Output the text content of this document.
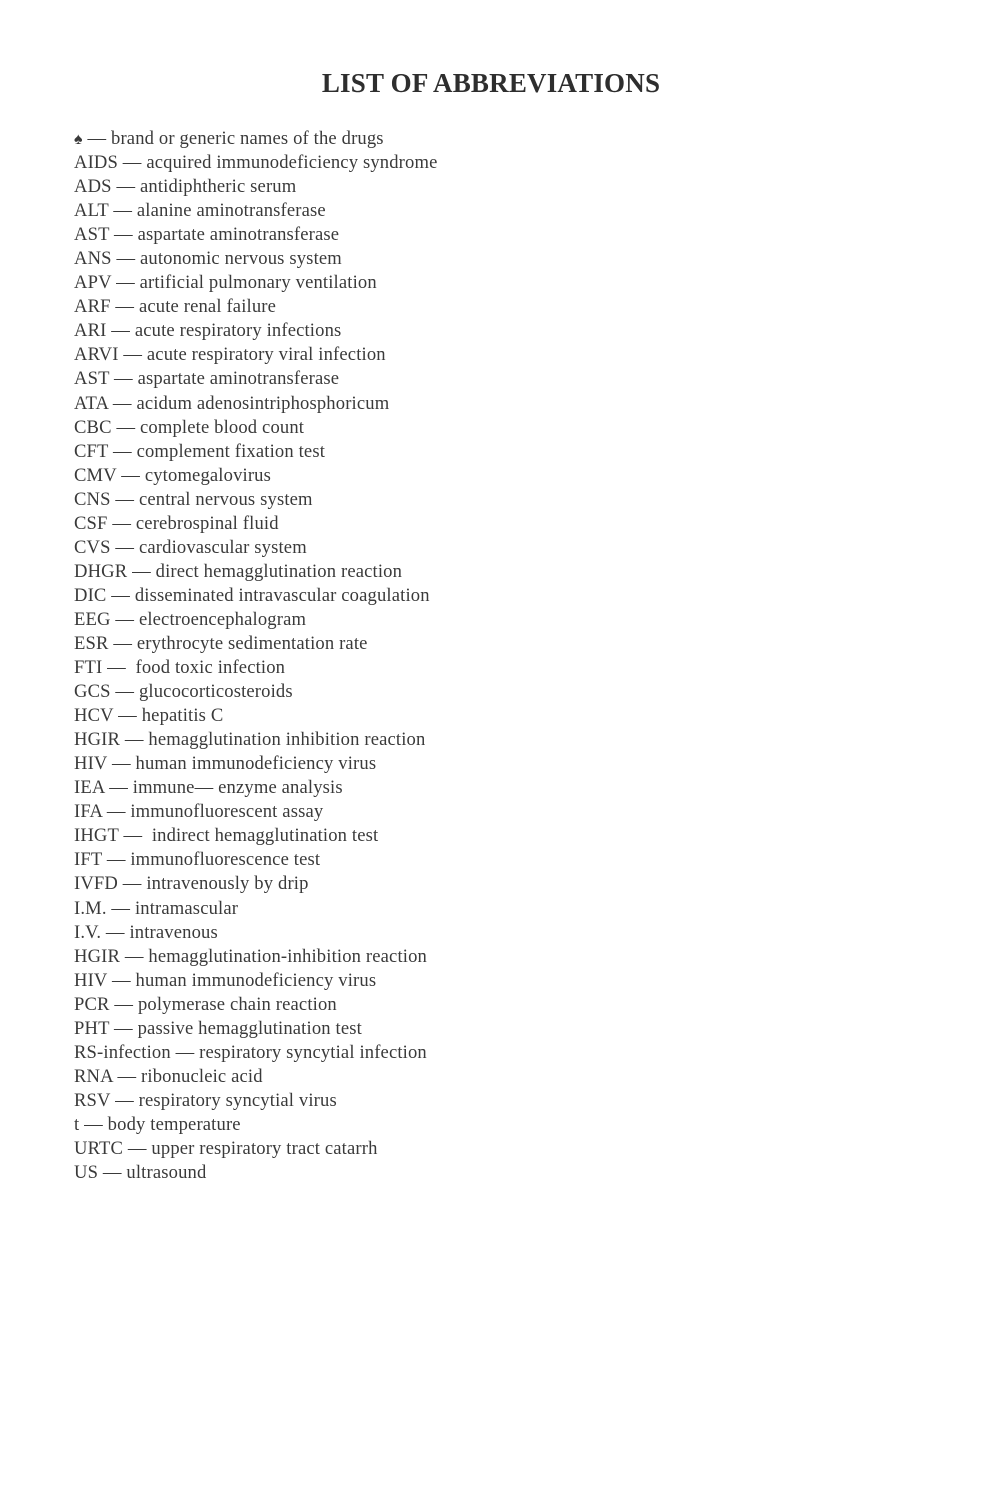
LIST OF ABBREVIATIONS
♠ — brand or generic names of the drugs
AIDS — acquired immunodeficiency syndrome
ADS — antidiphtheric serum
ALT — alanine aminotransferase
AST — aspartate aminotransferase
ANS — autonomic nervous system
APV — artificial pulmonary ventilation
ARF — acute renal failure
ARI — acute respiratory infections
ARVI — acute respiratory viral infection
AST — aspartate aminotransferase
ATA — acidum adenosintriphosphoricum
CBC — complete blood count
CFT — complement fixation test
CMV — cytomegalovirus
CNS — central nervous system
CSF — cerebrospinal fluid
CVS — cardiovascular system
DHGR — direct hemagglutination reaction
DIC — disseminated intravascular coagulation
EEG — electroencephalogram
ESR — erythrocyte sedimentation rate
FTI —  food toxic infection
GCS — glucocorticosteroids
HCV — hepatitis C
HGIR — hemagglutination inhibition reaction
HIV — human immunodeficiency virus
IEA — immune— enzyme analysis
IFA — immunofluorescent assay
IHGT —  indirect hemagglutination test
IFT — immunofluorescence test
IVFD — intravenously by drip
I.M. — intramascular
I.V. — intravenous
HGIR — hemagglutination-inhibition reaction
HIV — human immunodeficiency virus
PCR — polymerase chain reaction
PHT — passive hemagglutination test
RS-infection — respiratory syncytial infection
RNA — ribonucleic acid
RSV — respiratory syncytial virus
t — body temperature
URTC — upper respiratory tract catarrh
US — ultrasound
